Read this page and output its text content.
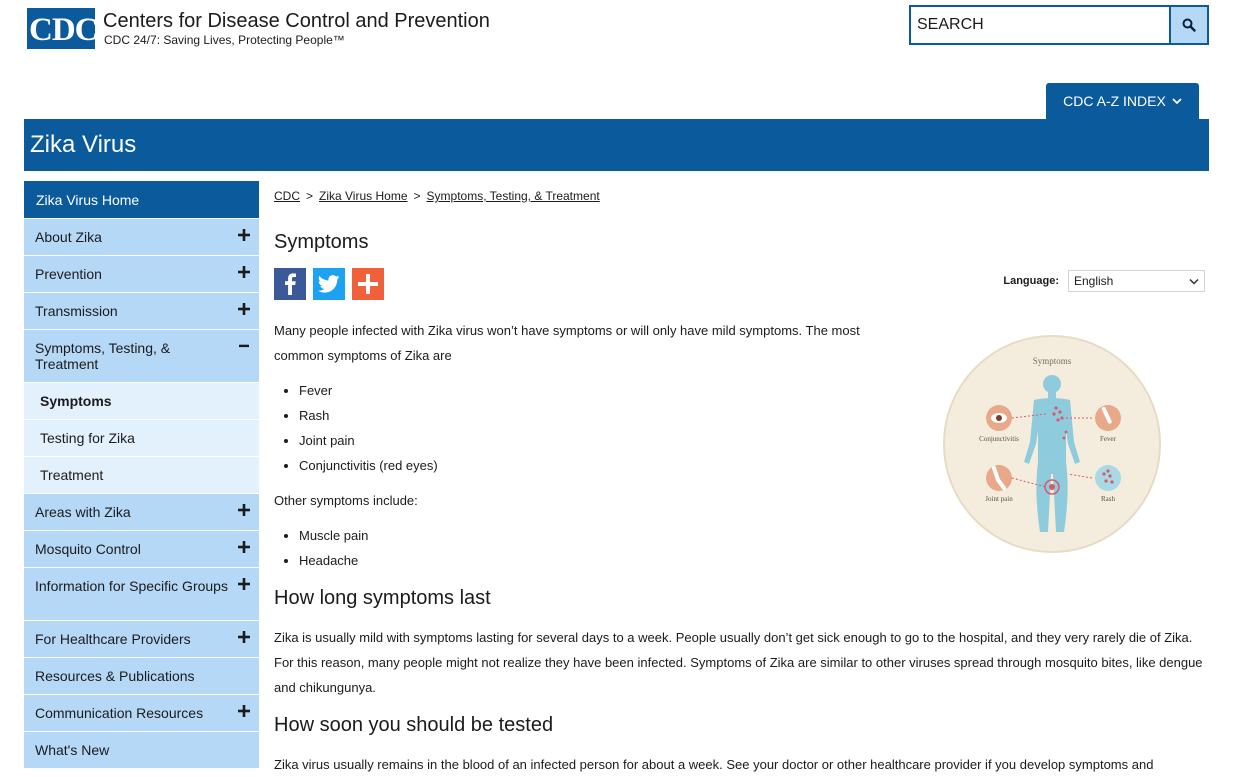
CDC Centers for Disease Control and Prevention
CDC 24/7: Saving Lives, Protecting People™
SEARCH
CDC A-Z INDEX
Zika Virus
Zika Virus Home
About Zika
Prevention
Transmission
Symptoms, Testing, & Treatment
Symptoms
Testing for Zika
Treatment
Areas with Zika
Mosquito Control
Information for Specific Groups
For Healthcare Providers
Resources & Publications
Communication Resources
What's New
CDC > Zika Virus Home > Symptoms, Testing, & Treatment
Symptoms
Language: English

Many people infected with Zika virus won’t have symptoms or will only have mild symptoms. The most common symptoms of Zika are

• Fever
• Rash
• Joint pain
• Conjunctivitis (red eyes)

Other symptoms include:

• Muscle pain
• Headache
How long symptoms last

Zika is usually mild with symptoms lasting for several days to a week. People usually don’t get sick enough to go to the hospital, and they very rarely die of Zika. For this reason, many people might not realize they have been infected. Symptoms of Zika are similar to other viruses spread through mosquito bites, like dengue and chikungunya.

How soon you should be tested

Zika virus usually remains in the blood of an infected person for about a week. See your doctor or other healthcare provider if you develop symptoms and

Symptoms
Conjunctivitis	Fever
Joint pain	Rash
